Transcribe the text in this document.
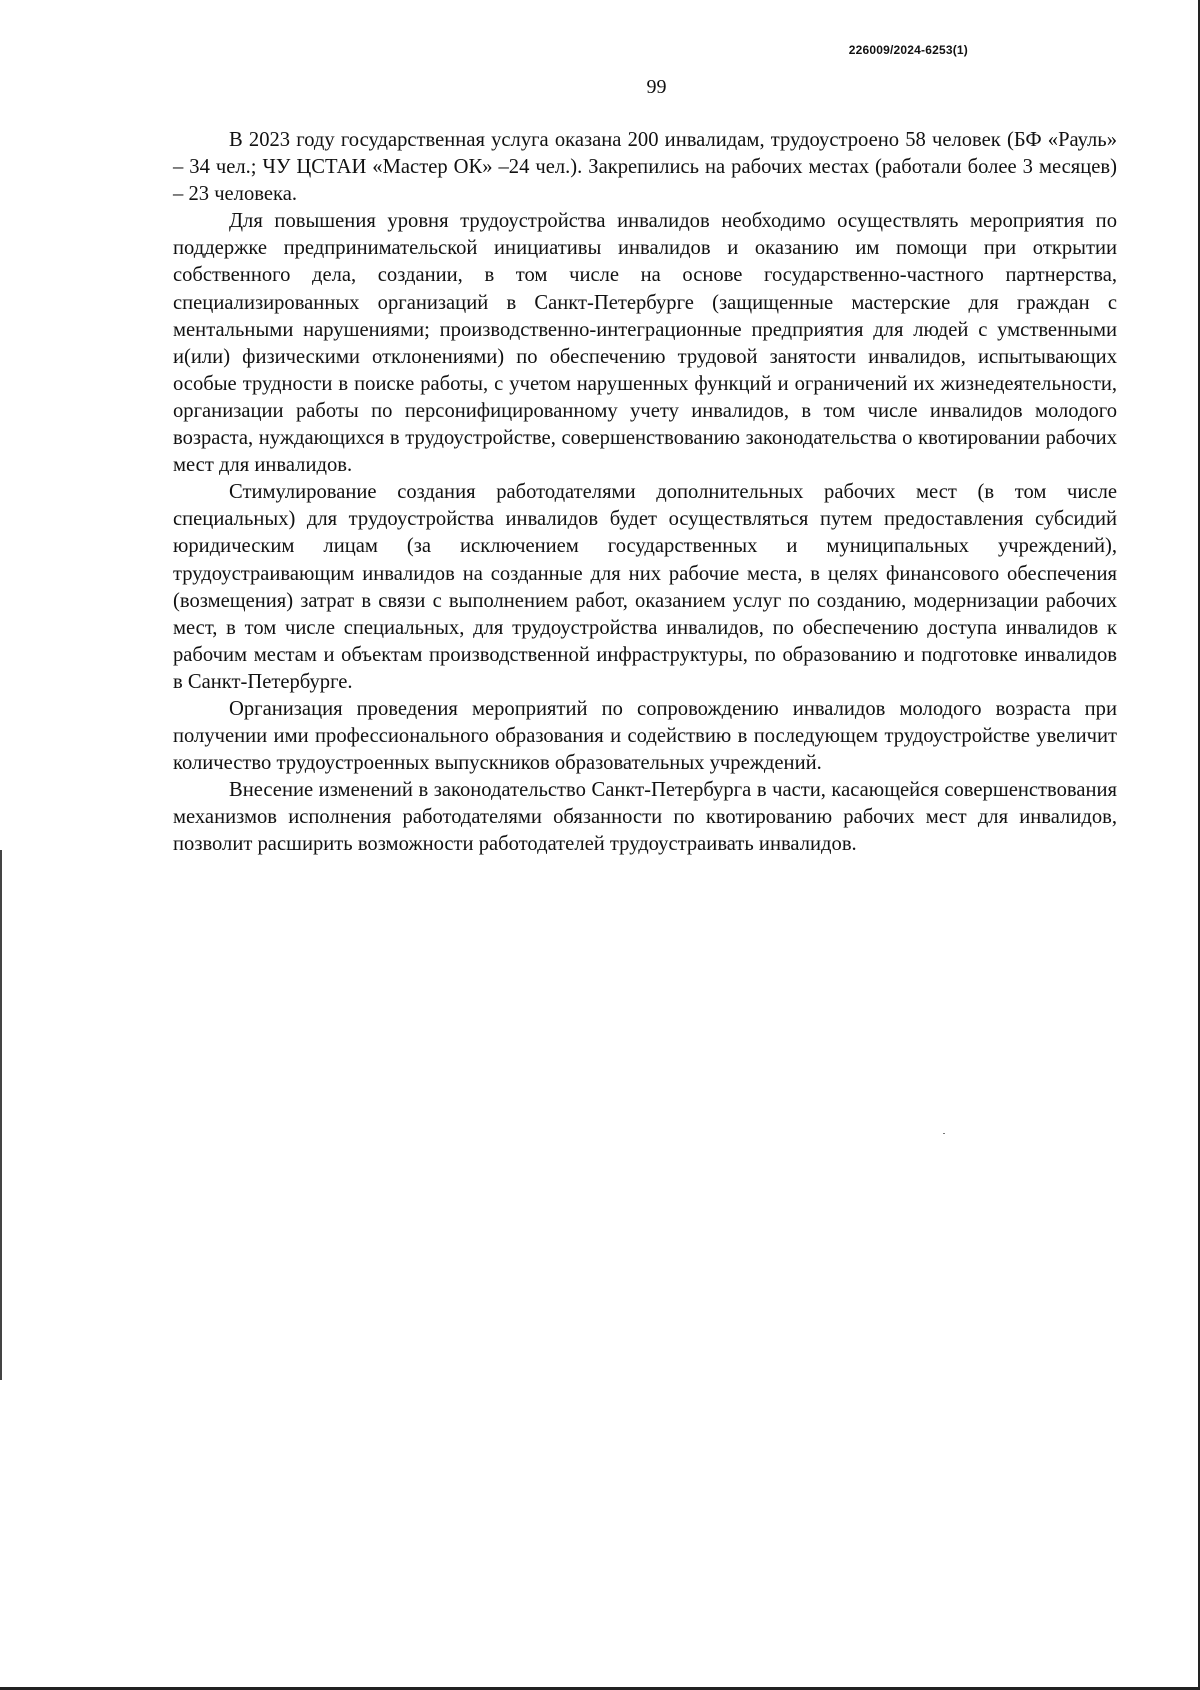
226009/2024-6253(1)
99

В 2023 году государственная услуга оказана 200 инвалидам, трудоустроено 58 человек (БФ «Рауль» – 34 чел.; ЧУ ЦСТАИ «Мастер ОК» –24 чел.). Закрепились на рабочих местах (работали более 3 месяцев) – 23 человека.

Для повышения уровня трудоустройства инвалидов необходимо осуществлять мероприятия по поддержке предпринимательской инициативы инвалидов и оказанию им помощи при открытии собственного дела, создании, в том числе на основе государственно-частного партнерства, специализированных организаций в Санкт-Петербурге (защищенные мастерские для граждан с ментальными нарушениями; производственно-интеграционные предприятия для людей с умственными и(или) физическими отклонениями) по обеспечению трудовой занятости инвалидов, испытывающих особые трудности в поиске работы, с учетом нарушенных функций и ограничений их жизнедеятельности, организации работы по персонифицированному учету инвалидов, в том числе инвалидов молодого возраста, нуждающихся в трудоустройстве, совершенствованию законодательства о квотировании рабочих мест для инвалидов.

Стимулирование создания работодателями дополнительных рабочих мест (в том числе специальных) для трудоустройства инвалидов будет осуществляться путем предоставления субсидий юридическим лицам (за исключением государственных и муниципальных учреждений), трудоустраивающим инвалидов на созданные для них рабочие места, в целях финансового обеспечения (возмещения) затрат в связи с выполнением работ, оказанием услуг по созданию, модернизации рабочих мест, в том числе специальных, для трудоустройства инвалидов, по обеспечению доступа инвалидов к рабочим местам и объектам производственной инфраструктуры, по образованию и подготовке инвалидов в Санкт-Петербурге.

Организация проведения мероприятий по сопровождению инвалидов молодого возраста при получении ими профессионального образования и содействию в последующем трудоустройстве увеличит количество трудоустроенных выпускников образовательных учреждений.

Внесение изменений в законодательство Санкт-Петербурга в части, касающейся совершенствования механизмов исполнения работодателями обязанности по квотированию рабочих мест для инвалидов, позволит расширить возможности работодателей трудоустраивать инвалидов.
